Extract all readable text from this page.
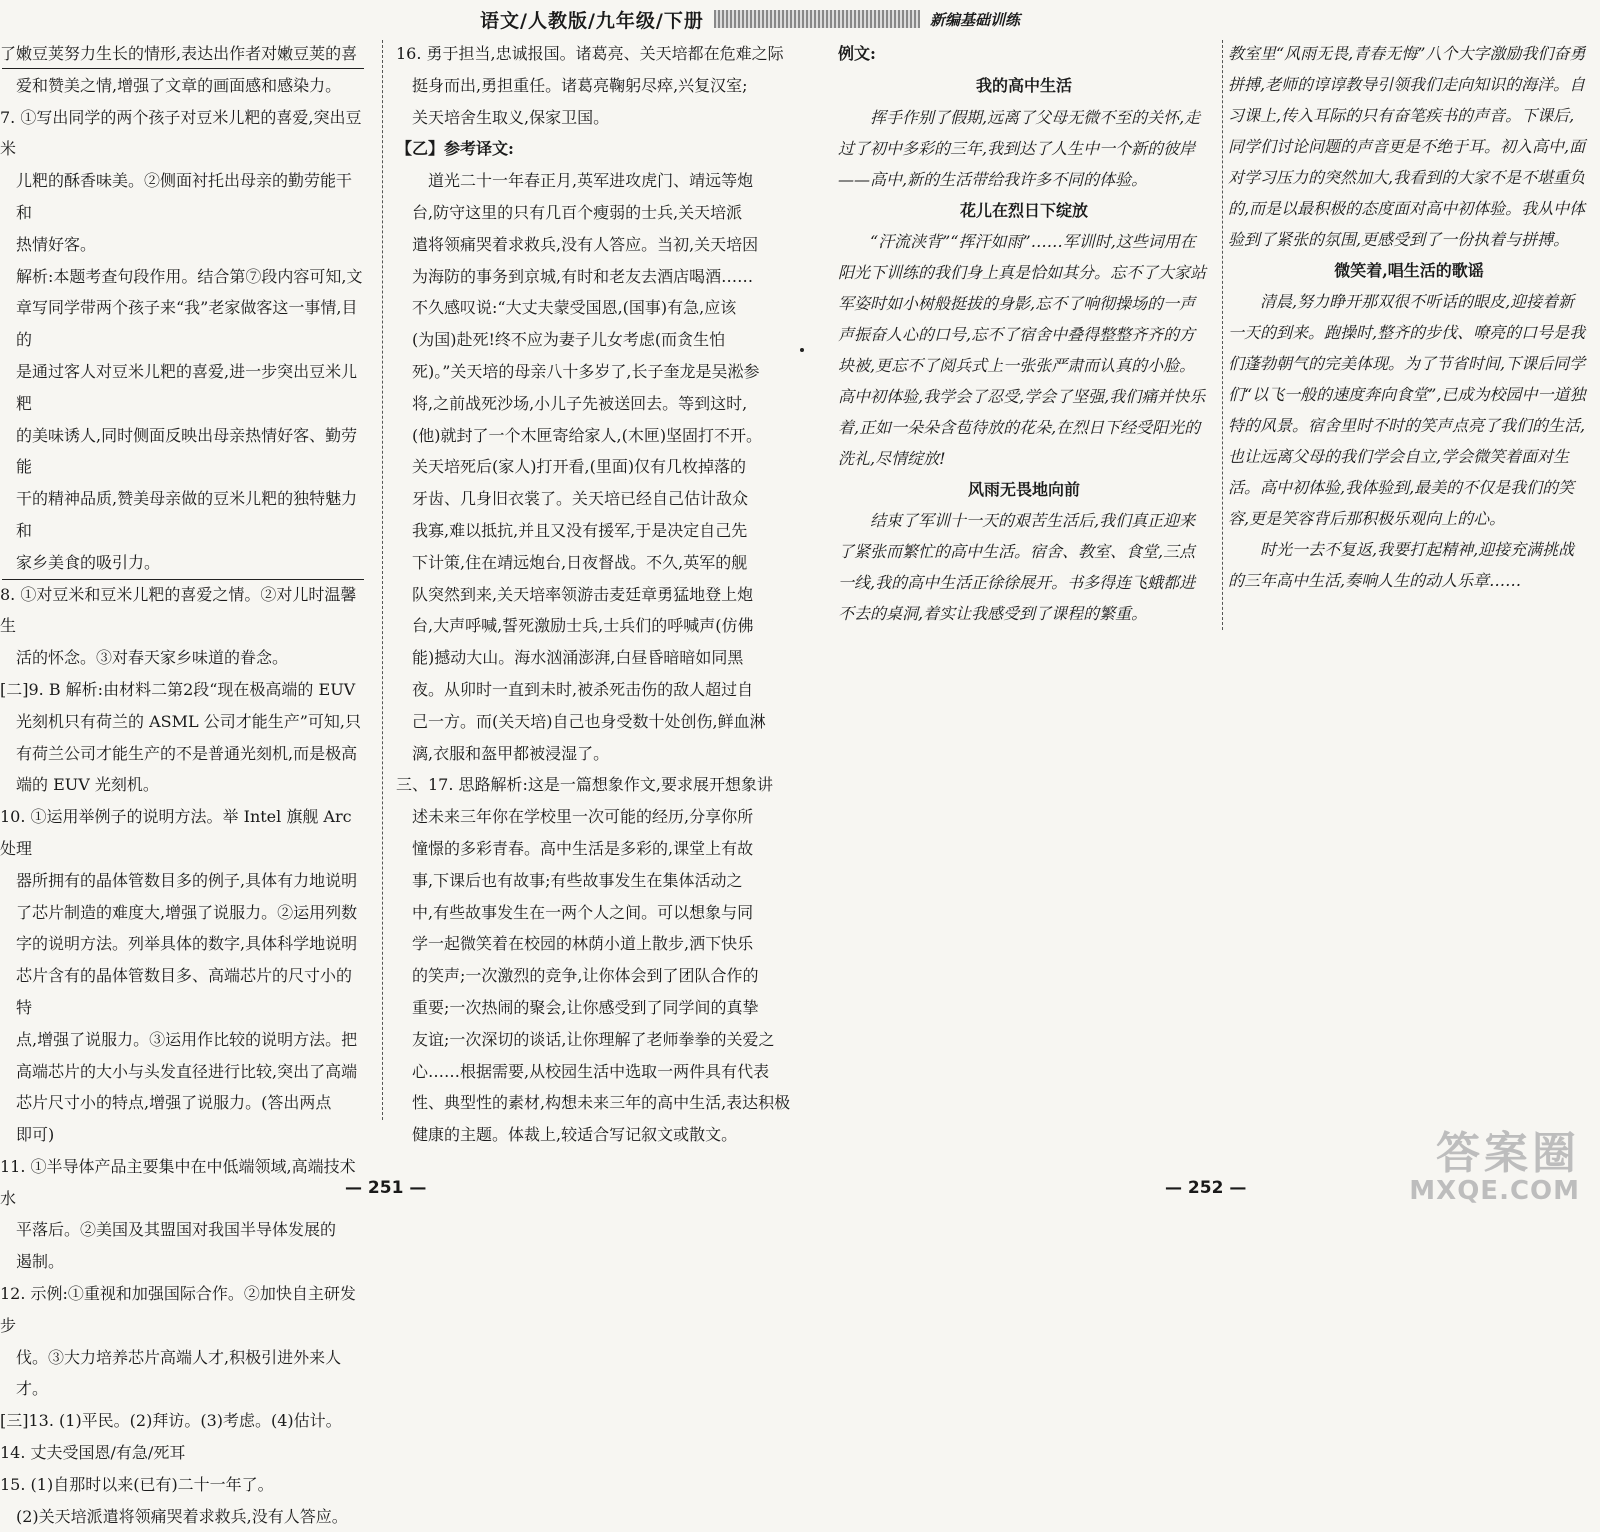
语文/人教版/九年级/下册	新编基础训练

了嫩豆荚努力生长的情形,表达出作者对嫩豆荚的喜

爱和赞美之情,增强了文章的画面感和感染力。

7. ①写出同学的两个孩子对豆米儿粑的喜爱,突出豆米

儿粑的酥香味美。②侧面衬托出母亲的勤劳能干和

热情好客。

解析:本题考查句段作用。结合第⑦段内容可知,文

章写同学带两个孩子来“我”老家做客这一事情,目的

是通过客人对豆米儿粑的喜爱,进一步突出豆米儿粑

的美味诱人,同时侧面反映出母亲热情好客、勤劳能

干的精神品质,赞美母亲做的豆米儿粑的独特魅力和

家乡美食的吸引力。

8. ①对豆米和豆米儿粑的喜爱之情。②对儿时温馨生

活的怀念。③对春天家乡味道的眷念。

[二]9. B 解析:由材料二第2段“现在极高端的 EUV

光刻机只有荷兰的 ASML 公司才能生产”可知,只

有荷兰公司才能生产的不是普通光刻机,而是极高

端的 EUV 光刻机。

10. ①运用举例子的说明方法。举 Intel 旗舰 Arc 处理

器所拥有的晶体管数目多的例子,具体有力地说明

了芯片制造的难度大,增强了说服力。②运用列数

字的说明方法。列举具体的数字,具体科学地说明

芯片含有的晶体管数目多、高端芯片的尺寸小的特

点,增强了说服力。③运用作比较的说明方法。把

高端芯片的大小与头发直径进行比较,突出了高端

芯片尺寸小的特点,增强了说服力。(答出两点

即可)

11. ①半导体产品主要集中在中低端领域,高端技术水

平落后。②美国及其盟国对我国半导体发展的

遏制。

12. 示例:①重视和加强国际合作。②加快自主研发步

伐。③大力培养芯片高端人才,积极引进外来人才。

[三]13. (1)平民。(2)拜访。(3)考虑。(4)估计。

14. 丈夫受国恩/有急/死耳

15. (1)自那时以来(已有)二十一年了。

(2)关天培派遣将领痛哭着求救兵,没有人答应。

16. 勇于担当,忠诚报国。诸葛亮、关天培都在危难之际

挺身而出,勇担重任。诸葛亮鞠躬尽瘁,兴复汉室;

关天培舍生取义,保家卫国。

【乙】参考译文:

道光二十一年春正月,英军进攻虎门、靖远等炮

台,防守这里的只有几百个瘦弱的士兵,关天培派

遣将领痛哭着求救兵,没有人答应。当初,关天培因

为海防的事务到京城,有时和老友去酒店喝酒……

不久感叹说:“大丈夫蒙受国恩,(国事)有急,应该

(为国)赴死!终不应为妻子儿女考虑(而贪生怕

死)。”关天培的母亲八十多岁了,长子奎龙是吴淞参

将,之前战死沙场,小儿子先被送回去。等到这时,

(他)就封了一个木匣寄给家人,(木匣)坚固打不开。

关天培死后(家人)打开看,(里面)仅有几枚掉落的

牙齿、几身旧衣裳了。关天培已经自己估计敌众

我寡,难以抵抗,并且又没有援军,于是决定自己先

下计策,住在靖远炮台,日夜督战。不久,英军的舰

队突然到来,关天培率领游击麦廷章勇猛地登上炮

台,大声呼喊,誓死激励士兵,士兵们的呼喊声(仿佛

能)撼动大山。海水汹涌澎湃,白昼昏暗暗如同黑

夜。从卯时一直到未时,被杀死击伤的敌人超过自

己一方。而(关天培)自己也身受数十处创伤,鲜血淋

漓,衣服和盔甲都被浸湿了。

三、17. 思路解析:这是一篇想象作文,要求展开想象讲

述未来三年你在学校里一次可能的经历,分享你所

憧憬的多彩青春。高中生活是多彩的,课堂上有故

事,下课后也有故事;有些故事发生在集体活动之

中,有些故事发生在一两个人之间。可以想象与同

学一起微笑着在校园的林荫小道上散步,洒下快乐

的笑声;一次激烈的竞争,让你体会到了团队合作的

重要;一次热闹的聚会,让你感受到了同学间的真挚

友谊;一次深切的谈话,让你理解了老师拳拳的关爱之

心……根据需要,从校园生活中选取一两件具有代表

性、典型性的素材,构想未来三年的高中生活,表达积极

健康的主题。体裁上,较适合写记叙文或散文。

例文:

我的高中生活

挥手作别了假期,远离了父母无微不至的关怀,走过了初中多彩的三年,我到达了人生中一个新的彼岸——高中,新的生活带给我许多不同的体验。

花儿在烈日下绽放

“汗流浃背”“挥汗如雨”……军训时,这些词用在阳光下训练的我们身上真是恰如其分。忘不了大家站军姿时如小树般挺拔的身影,忘不了响彻操场的一声声振奋人心的口号,忘不了宿舍中叠得整整齐齐的方块被,更忘不了阅兵式上一张张严肃而认真的小脸。高中初体验,我学会了忍受,学会了坚强,我们痛并快乐着,正如一朵朵含苞待放的花朵,在烈日下经受阳光的洗礼,尽情绽放!

风雨无畏地向前

结束了军训十一天的艰苦生活后,我们真正迎来了紧张而繁忙的高中生活。宿舍、教室、食堂,三点一线,我的高中生活正徐徐展开。书多得连飞蛾都进不去的桌洞,着实让我感受到了课程的繁重。

教室里“风雨无畏,青春无悔”八个大字激励我们奋勇拼搏,老师的谆谆教导引领我们走向知识的海洋。自习课上,传入耳际的只有奋笔疾书的声音。下课后,同学们讨论问题的声音更是不绝于耳。初入高中,面对学习压力的突然加大,我看到的大家不是不堪重负的,而是以最积极的态度面对高中初体验。我从中体验到了紧张的氛围,更感受到了一份执着与拼搏。

微笑着,唱生活的歌谣

清晨,努力睁开那双很不听话的眼皮,迎接着新一天的到来。跑操时,整齐的步伐、嘹亮的口号是我们蓬勃朝气的完美体现。为了节省时间,下课后同学们“以飞一般的速度奔向食堂”,已成为校园中一道独特的风景。宿舍里时不时的笑声点亮了我们的生活,也让远离父母的我们学会自立,学会微笑着面对生活。高中初体验,我体验到,最美的不仅是我们的笑容,更是笑容背后那积极乐观向上的心。

时光一去不复返,我要打起精神,迎接充满挑战的三年高中生活,奏响人生的动人乐章……

— 251 —	— 252 —
答案圈
MXQE.COM
